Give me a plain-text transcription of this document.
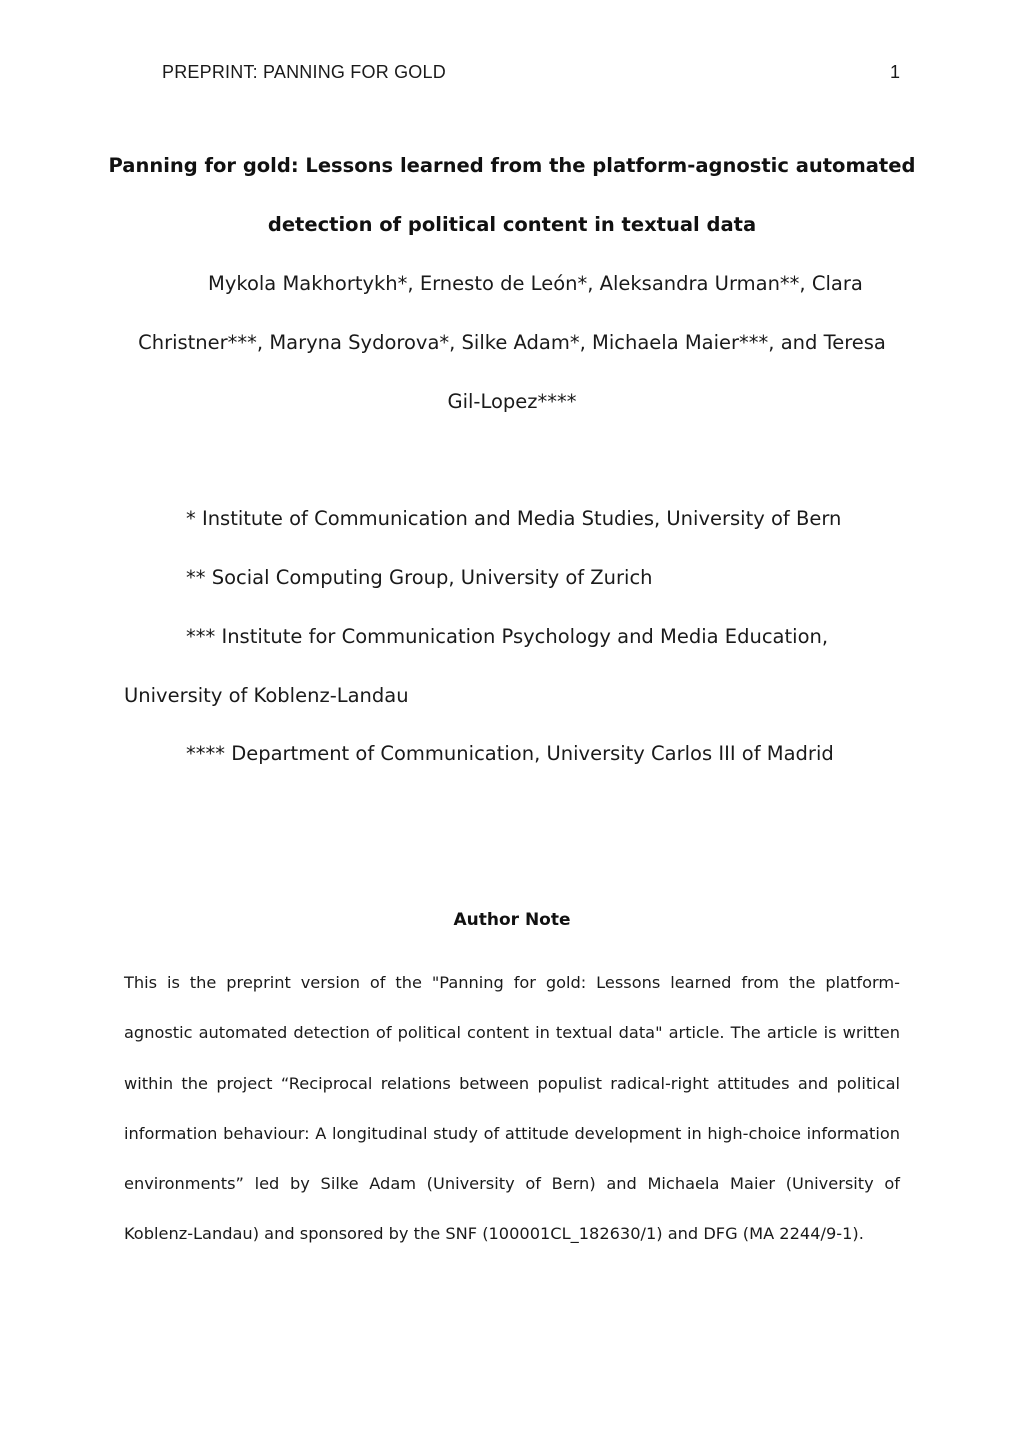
PREPRINT: PANNING FOR GOLD	1
Panning for gold: Lessons learned from the platform-agnostic automated
detection of political content in textual data
Mykola Makhortykh*, Ernesto de León*, Aleksandra Urman**, Clara
Christner***, Maryna Sydorova*, Silke Adam*, Michaela Maier***, and Teresa
Gil-Lopez****
* Institute of Communication and Media Studies, University of Bern
** Social Computing Group, University of Zurich
*** Institute for Communication Psychology and Media Education,
University of Koblenz-Landau
**** Department of Communication, University Carlos III of Madrid
Author Note

This is the preprint version of the "Panning for gold: Lessons learned from the platform-agnostic automated detection of political content in textual data" article. The article is written within the project “Reciprocal relations between populist radical-right attitudes and political information behaviour: A longitudinal study of attitude development in high-choice information environments” led by Silke Adam (University of Bern) and Michaela Maier (University of Koblenz-Landau) and sponsored by the SNF (100001CL_182630/1) and DFG (MA 2244/9-1).
